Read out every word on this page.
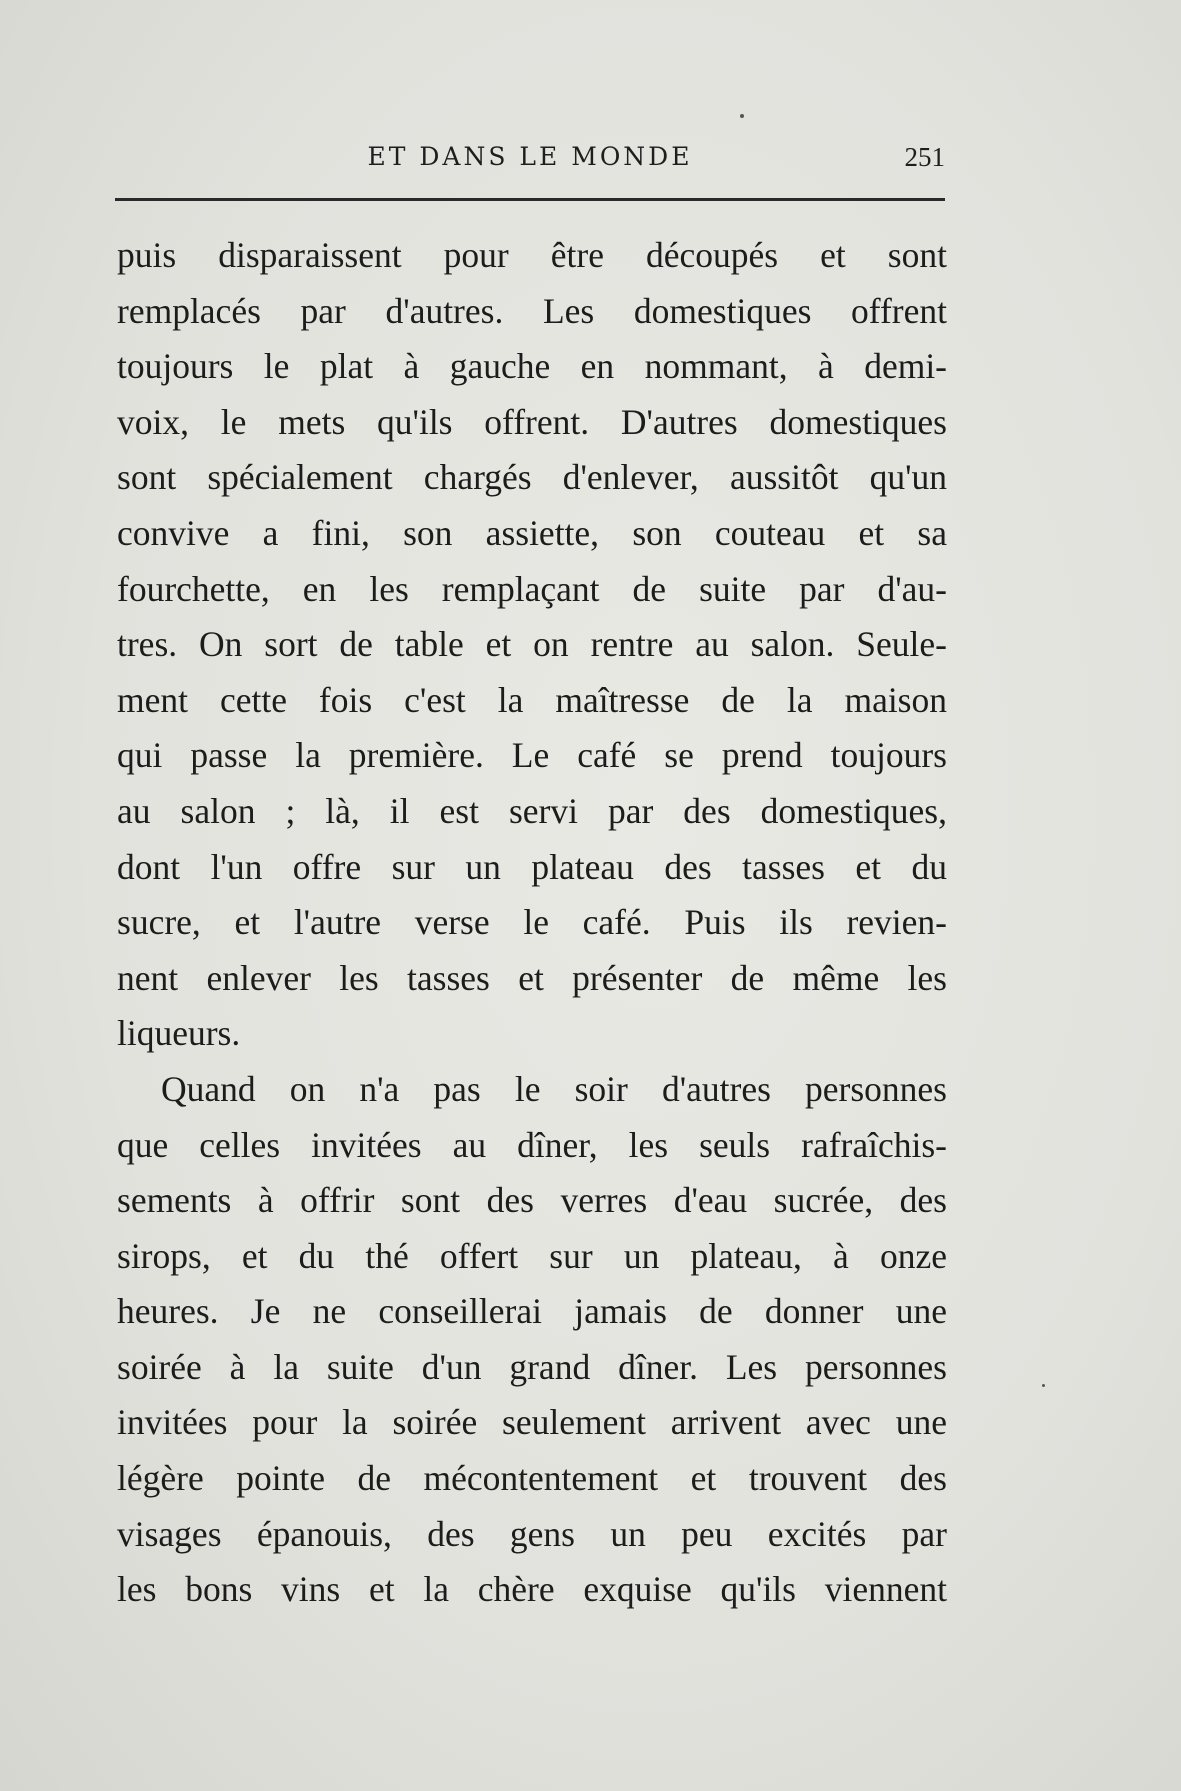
ET DANS LE MONDE	251
puis disparaissent pour être découpés et sont
remplacés par d'autres. Les domestiques offrent
toujours le plat à gauche en nommant, à demi-
voix, le mets qu'ils offrent. D'autres domestiques
sont spécialement chargés d'enlever, aussitôt qu'un
convive a fini, son assiette, son couteau et sa
fourchette, en les remplaçant de suite par d'au-
tres. On sort de table et on rentre au salon. Seule-
ment cette fois c'est la maîtresse de la maison
qui passe la première. Le café se prend toujours
au salon ; là, il est servi par des domestiques,
dont l'un offre sur un plateau des tasses et du
sucre, et l'autre verse le café. Puis ils revien-
nent enlever les tasses et présenter de même les
liqueurs.
Quand on n'a pas le soir d'autres personnes
que celles invitées au dîner, les seuls rafraîchis-
sements à offrir sont des verres d'eau sucrée, des
sirops, et du thé offert sur un plateau, à onze
heures. Je ne conseillerai jamais de donner une
soirée à la suite d'un grand dîner. Les personnes
invitées pour la soirée seulement arrivent avec une
légère pointe de mécontentement et trouvent des
visages épanouis, des gens un peu excités par
les bons vins et la chère exquise qu'ils viennent
